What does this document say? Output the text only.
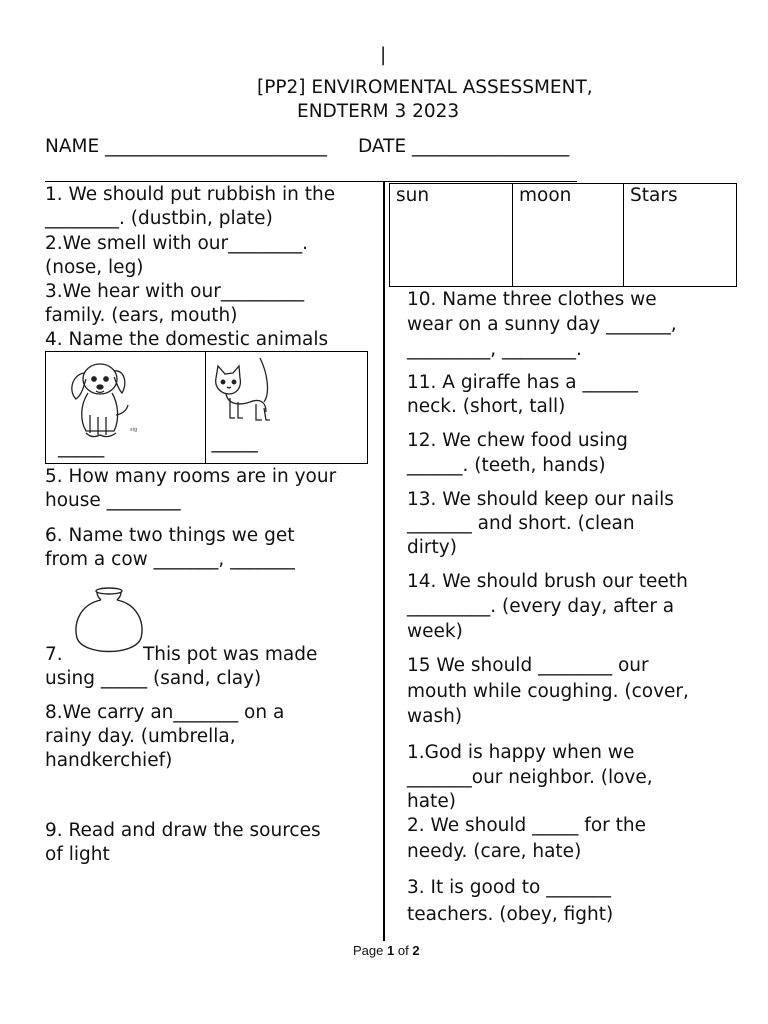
|
[PP2] ENVIROMENTAL ASSESSMENT,
ENDTERM 3 2023
NAME ________________________ DATE _________________
1. We should put rubbish in the
________. (dustbin, plate)
2.We smell with our________.
(nose, leg)
3.We hear with our_________
family. (ears, mouth)
4. Name the domestic animals
sig
_____	_____
5. How many rooms are in your
house ________
6. Name two things we get
from a cow _______, _______
7.	This pot was made
using _____ (sand, clay)
8.We carry an_______ on a
rainy day. (umbrella,
handkerchief)
9. Read and draw the sources
of light
sun	moon	Stars
10. Name three clothes we
wear on a sunny day _______,
_________, ________.
11. A giraffe has a ______
neck. (short, tall)
12. We chew food using
______. (teeth, hands)
13. We should keep our nails
_______ and short. (clean
dirty)
14. We should brush our teeth
_________. (every day, after a
week)
15 We should ________ our
mouth while coughing. (cover,
wash)
1.God is happy when we
_______our neighbor. (love,
hate)
2. We should _____ for the
needy. (care, hate)
3. It is good to _______
teachers. (obey, fight)
Page 1 of 2
